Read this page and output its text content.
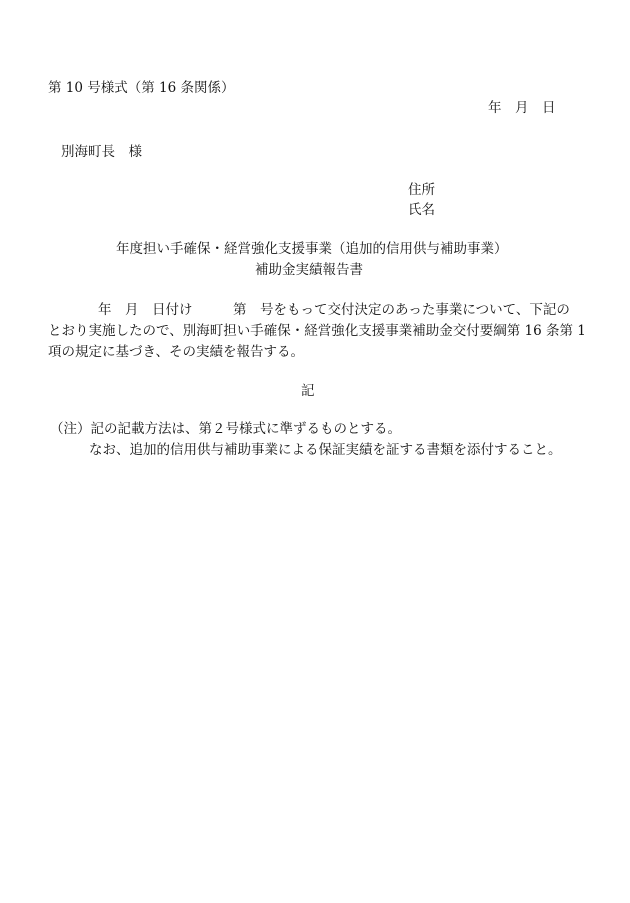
第 10 号様式（第 16 条関係）
年　月　日
別海町長　様
住所
氏名
年度担い手確保・経営強化支援事業（追加的信用供与補助事業）
補助金実績報告書
年　月　日付け　　　第　号をもって交付決定のあった事業について、下記の
とおり実施したので、別海町担い手確保・経営強化支援事業補助金交付要綱第 16 条第 1
項の規定に基づき、その実績を報告する。
記
（注）記の記載方法は、第２号様式に準ずるものとする。
なお、追加的信用供与補助事業による保証実績を証する書類を添付すること。
